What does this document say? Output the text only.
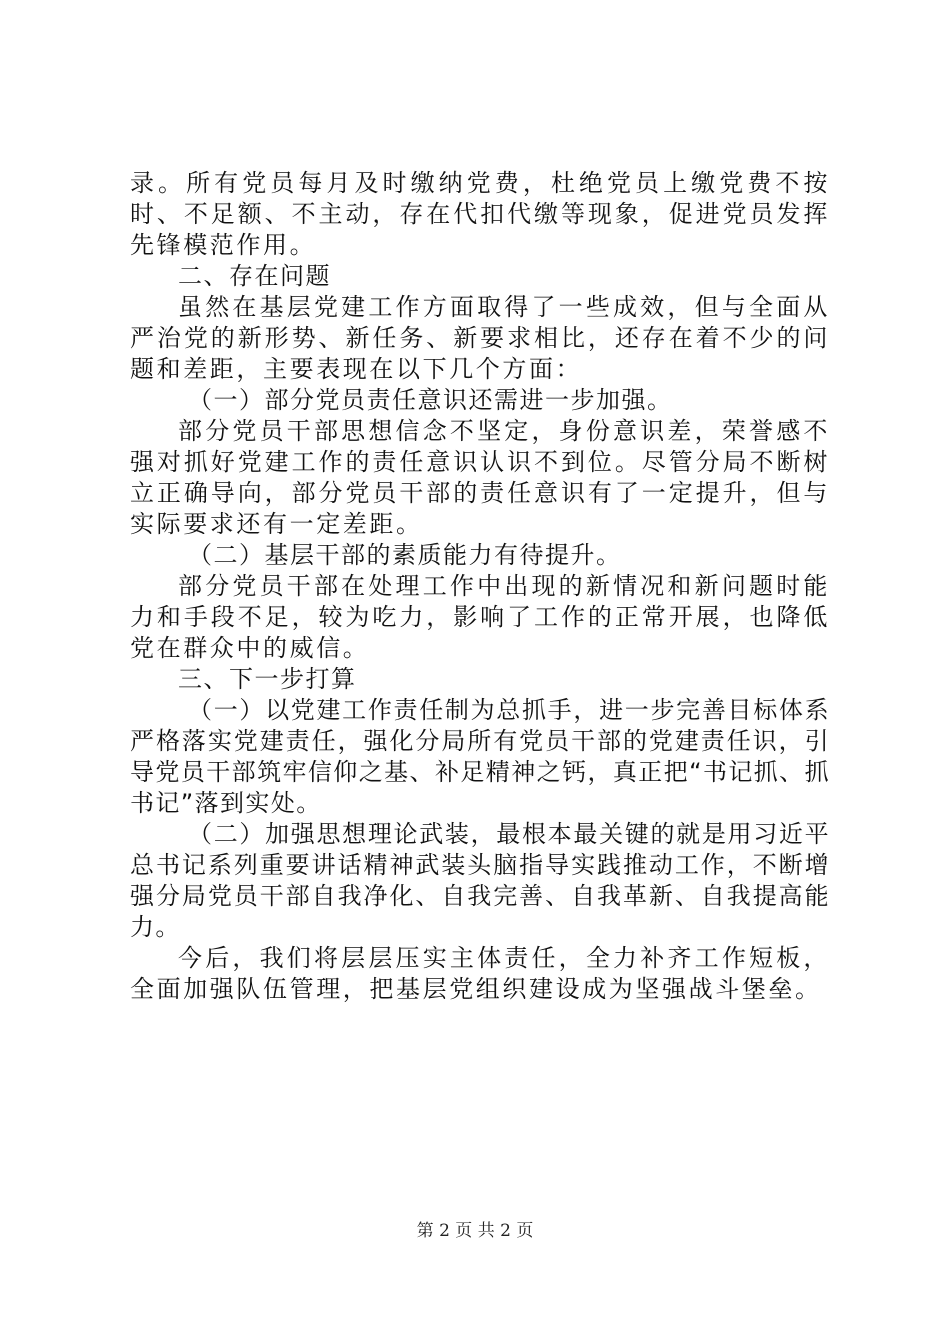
录。所有党员每月及时缴纳党费，杜绝党员上缴党费不按时、不足额、不主动，存在代扣代缴等现象，促进党员发挥先锋模范作用。

二、存在问题

虽然在基层党建工作方面取得了一些成效，但与全面从严治党的新形势、新任务、新要求相比，还存在着不少的问题和差距，主要表现在以下几个方面：

（一）部分党员责任意识还需进一步加强。

部分党员干部思想信念不坚定，身份意识差，荣誉感不强对抓好党建工作的责任意识认识不到位。尽管分局不断树立正确导向，部分党员干部的责任意识有了一定提升，但与实际要求还有一定差距。

（二）基层干部的素质能力有待提升。

部分党员干部在处理工作中出现的新情况和新问题时能力和手段不足，较为吃力，影响了工作的正常开展，也降低党在群众中的威信。

三、下一步打算

（一）以党建工作责任制为总抓手，进一步完善目标体系严格落实党建责任，强化分局所有党员干部的党建责任识，引导党员干部筑牢信仰之基、补足精神之钙，真正把“书记抓、抓书记”落到实处。

（二）加强思想理论武装，最根本最关键的就是用习近平总书记系列重要讲话精神武装头脑指导实践推动工作，不断增强分局党员干部自我净化、自我完善、自我革新、自我提高能力。

今后，我们将层层压实主体责任，全力补齐工作短板，全面加强队伍管理，把基层党组织建设成为坚强战斗堡垒。

第 2 页 共 2 页
